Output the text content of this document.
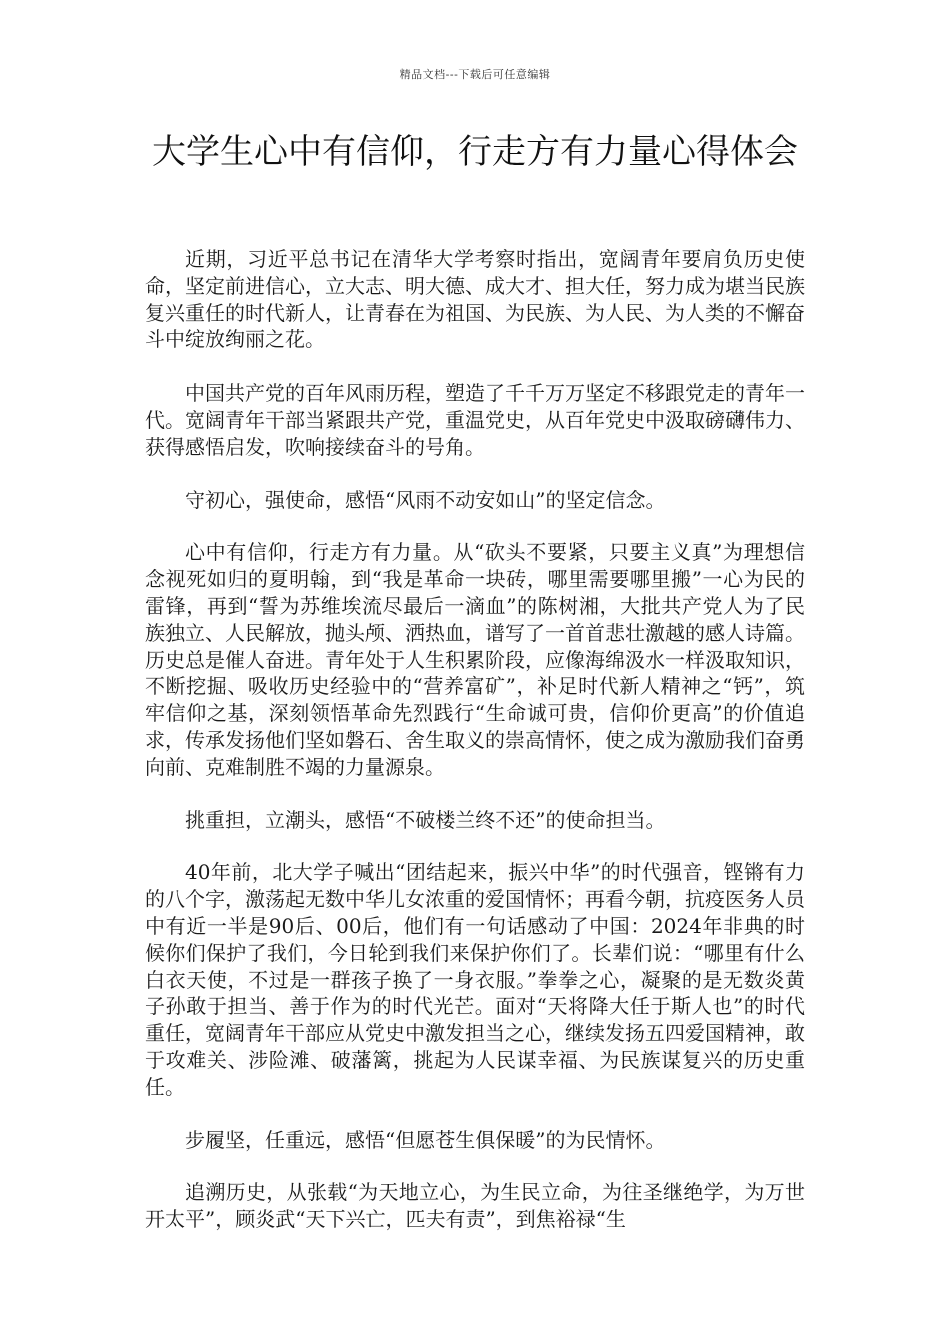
精品文档---下载后可任意编辑
大学生心中有信仰，行走方有力量心得体会

近期，习近平总书记在清华大学考察时指出，宽阔青年要肩负历史使命，坚定前进信心，立大志、明大德、成大才、担大任，努力成为堪当民族复兴重任的时代新人，让青春在为祖国、为民族、为人民、为人类的不懈奋斗中绽放绚丽之花。

中国共产党的百年风雨历程，塑造了千千万万坚定不移跟党走的青年一代。宽阔青年干部当紧跟共产党，重温党史，从百年党史中汲取磅礴伟力、获得感悟启发，吹响接续奋斗的号角。

守初心，强使命，感悟“风雨不动安如山”的坚定信念。

心中有信仰，行走方有力量。从“砍头不要紧，只要主义真”为理想信念视死如归的夏明翰，到“我是革命一块砖，哪里需要哪里搬”一心为民的雷锋，再到“誓为苏维埃流尽最后一滴血”的陈树湘，大批共产党人为了民族独立、人民解放，抛头颅、洒热血，谱写了一首首悲壮激越的感人诗篇。历史总是催人奋进。青年处于人生积累阶段，应像海绵汲水一样汲取知识，不断挖掘、吸收历史经验中的“营养富矿”，补足时代新人精神之“钙”，筑牢信仰之基，深刻领悟革命先烈践行“生命诚可贵，信仰价更高”的价值追求，传承发扬他们坚如磐石、舍生取义的崇高情怀，使之成为激励我们奋勇向前、克难制胜不竭的力量源泉。

挑重担，立潮头，感悟“不破楼兰终不还”的使命担当。

40年前，北大学子喊出“团结起来，振兴中华”的时代强音，铿锵有力的八个字，激荡起无数中华儿女浓重的爱国情怀；再看今朝，抗疫医务人员中有近一半是90后、00后，他们有一句话感动了中国：2024年非典的时候你们保护了我们，今日轮到我们来保护你们了。长辈们说：“哪里有什么白衣天使，不过是一群孩子换了一身衣服。”拳拳之心，凝聚的是无数炎黄子孙敢于担当、善于作为的时代光芒。面对“天将降大任于斯人也”的时代重任，宽阔青年干部应从党史中激发担当之心，继续发扬五四爱国精神，敢于攻难关、涉险滩、破藩篱，挑起为人民谋幸福、为民族谋复兴的历史重任。

步履坚，任重远，感悟“但愿苍生俱保暖”的为民情怀。

追溯历史，从张载“为天地立心，为生民立命，为往圣继绝学，为万世开太平”，顾炎武“天下兴亡，匹夫有责”，到焦裕禄“生
